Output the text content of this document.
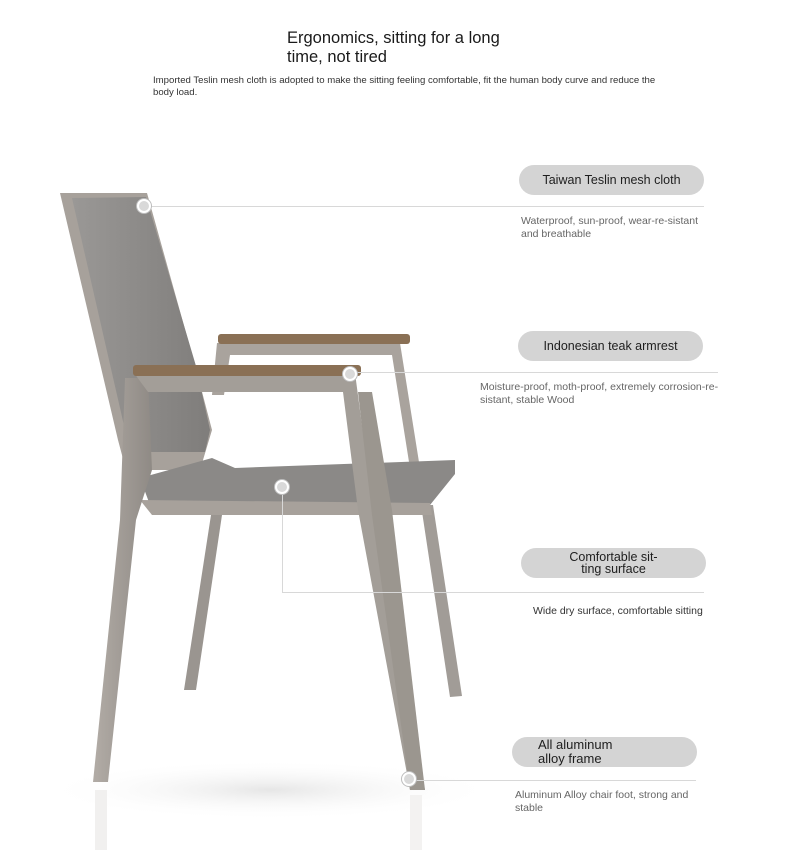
Ergonomics, sitting for a long time, not tired
Imported Teslin mesh cloth is adopted to make the sitting feeling comfortable, fit the human body curve and reduce the body load.
Taiwan Teslin mesh cloth
Waterproof, sun-proof, wear-re-sistant and breathable
Indonesian teak armrest
Moisture-proof, moth-proof, extremely corrosion-re-sistant, stable Wood
Comfortable sit-ting surface
Wide dry surface, comfortable sitting
All aluminum alloy frame
Aluminum Alloy chair foot, strong and stable
